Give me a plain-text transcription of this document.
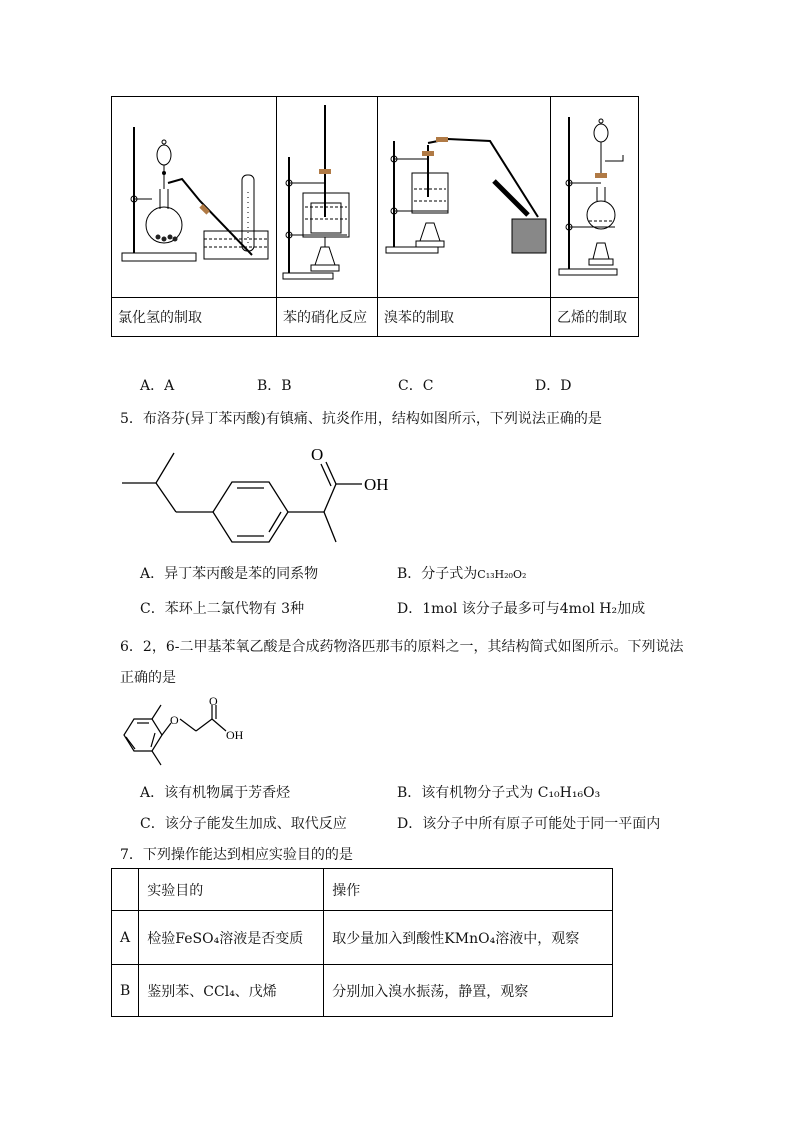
氯化氢的制取	苯的硝化反应	溴苯的制取	乙烯的制取
A．A	B．B	C．C	D．D
5．布洛芬(异丁苯丙酸)有镇痛、抗炎作用，结构如图所示，下列说法正确的是
O
OH
A．异丁苯丙酸是苯的同系物	B．分子式为C₁₃H₂₀O₂
C．苯环上二氯代物有 3种	D．1mol 该分子最多可与4mol H₂加成
6．2，6-二甲基苯氧乙酸是合成药物洛匹那韦的原料之一，其结构简式如图所示。下列说法
正确的是
O
O
OH
A．该有机物属于芳香烃	B．该有机物分子式为 C₁₀H₁₆O₃
C．该分子能发生加成、取代反应	D．该分子中所有原子可能处于同一平面内
7．下列操作能达到相应实验目的的是
	实验目的	操作
A	检验FeSO₄溶液是否变质	取少量加入到酸性KMnO₄溶液中，观察
B	鉴别苯、CCl₄、戊烯	分别加入溴水振荡，静置，观察
